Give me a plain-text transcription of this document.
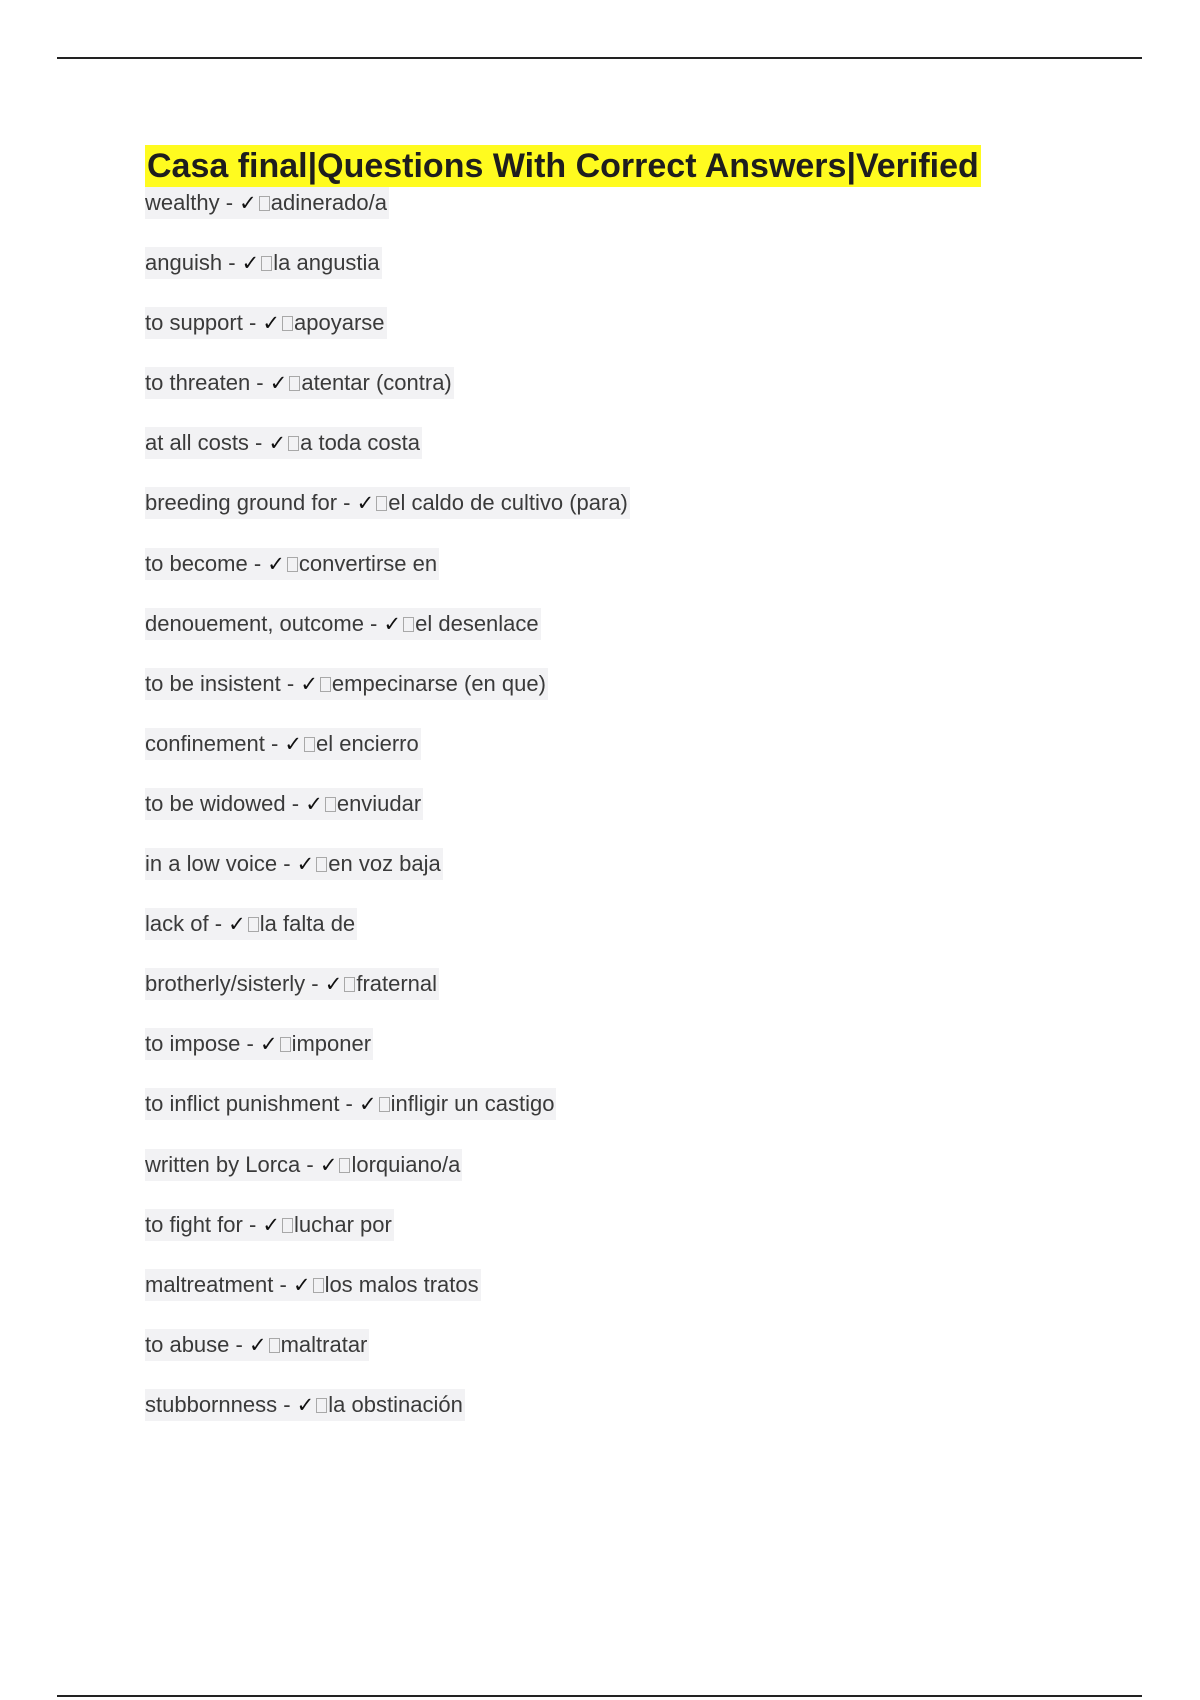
Casa final|Questions With Correct Answers|Verified
wealthy - ✓ adinerado/a
anguish - ✓ la angustia
to support - ✓ apoyarse
to threaten - ✓ atentar (contra)
at all costs - ✓ a toda costa
breeding ground for - ✓ el caldo de cultivo (para)
to become - ✓ convertirse en
denouement, outcome - ✓ el desenlace
to be insistent - ✓ empecinarse (en que)
confinement - ✓ el encierro
to be widowed - ✓ enviudar
in a low voice - ✓ en voz baja
lack of - ✓ la falta de
brotherly/sisterly - ✓ fraternal
to impose - ✓ imponer
to inflict punishment - ✓ infligir un castigo
written by Lorca - ✓ lorquiano/a
to fight for - ✓ luchar por
maltreatment - ✓ los malos tratos
to abuse - ✓ maltratar
stubbornness - ✓ la obstinación
